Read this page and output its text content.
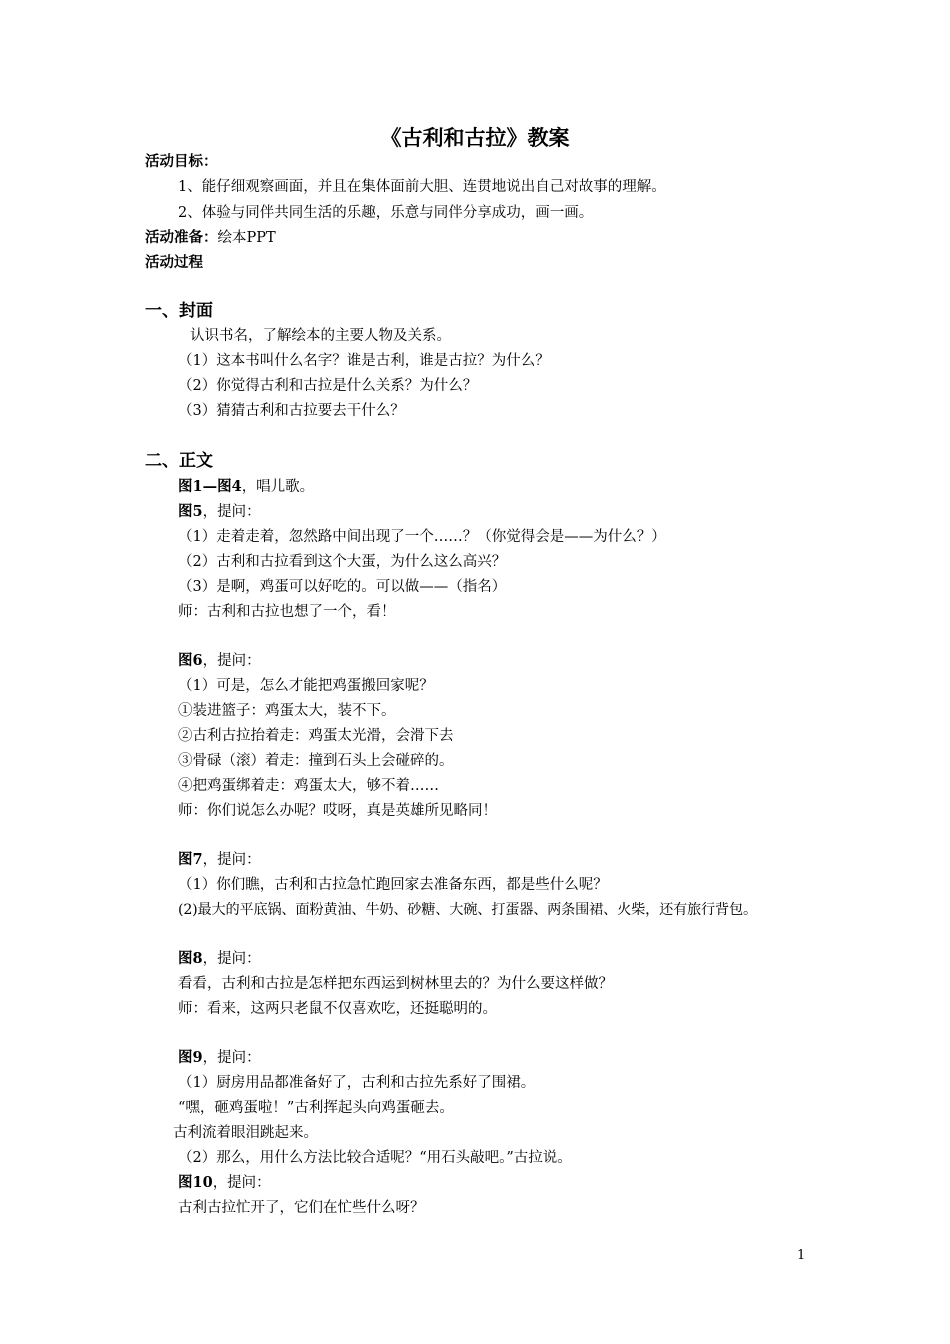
《古利和古拉》教案
活动目标：
1、能仔细观察画面，并且在集体面前大胆、连贯地说出自己对故事的理解。
2、体验与同伴共同生活的乐趣，乐意与同伴分享成功，画一画。
活动准备：绘本PPT
活动过程
一、封面
认识书名，了解绘本的主要人物及关系。
（1）这本书叫什么名字？谁是古利，谁是古拉？为什么？
（2）你觉得古利和古拉是什么关系？为什么？
（3）猜猜古利和古拉要去干什么？
二、正文
图1—图4，唱儿歌。
图5，提问：
（1）走着走着，忽然路中间出现了一个……？（你觉得会是——为什么？）
（2）古利和古拉看到这个大蛋，为什么这么高兴？
（3）是啊，鸡蛋可以好吃的。可以做——（指名）
师：古利和古拉也想了一个，看！
图6，提问：
（1）可是，怎么才能把鸡蛋搬回家呢？
①装进篮子：鸡蛋太大，装不下。
②古利古拉抬着走：鸡蛋太光滑，会滑下去
③骨碌（滚）着走：撞到石头上会碰碎的。
④把鸡蛋绑着走：鸡蛋太大，够不着……
师：你们说怎么办呢？哎呀，真是英雄所见略同！
图7，提问：
（1）你们瞧，古利和古拉急忙跑回家去准备东西，都是些什么呢？
(2)最大的平底锅、面粉黄油、牛奶、砂糖、大碗、打蛋器、两条围裙、火柴，还有旅行背包。
图8，提问：
看看，古利和古拉是怎样把东西运到树林里去的？为什么要这样做？
师：看来，这两只老鼠不仅喜欢吃，还挺聪明的。
图9，提问：
（1）厨房用品都准备好了，古利和古拉先系好了围裙。
“嘿，砸鸡蛋啦！”古利挥起头向鸡蛋砸去。
古利流着眼泪跳起来。
（2）那么，用什么方法比较合适呢？“用石头敲吧。”古拉说。
图10，提问：
古利古拉忙开了，它们在忙些什么呀？
1
